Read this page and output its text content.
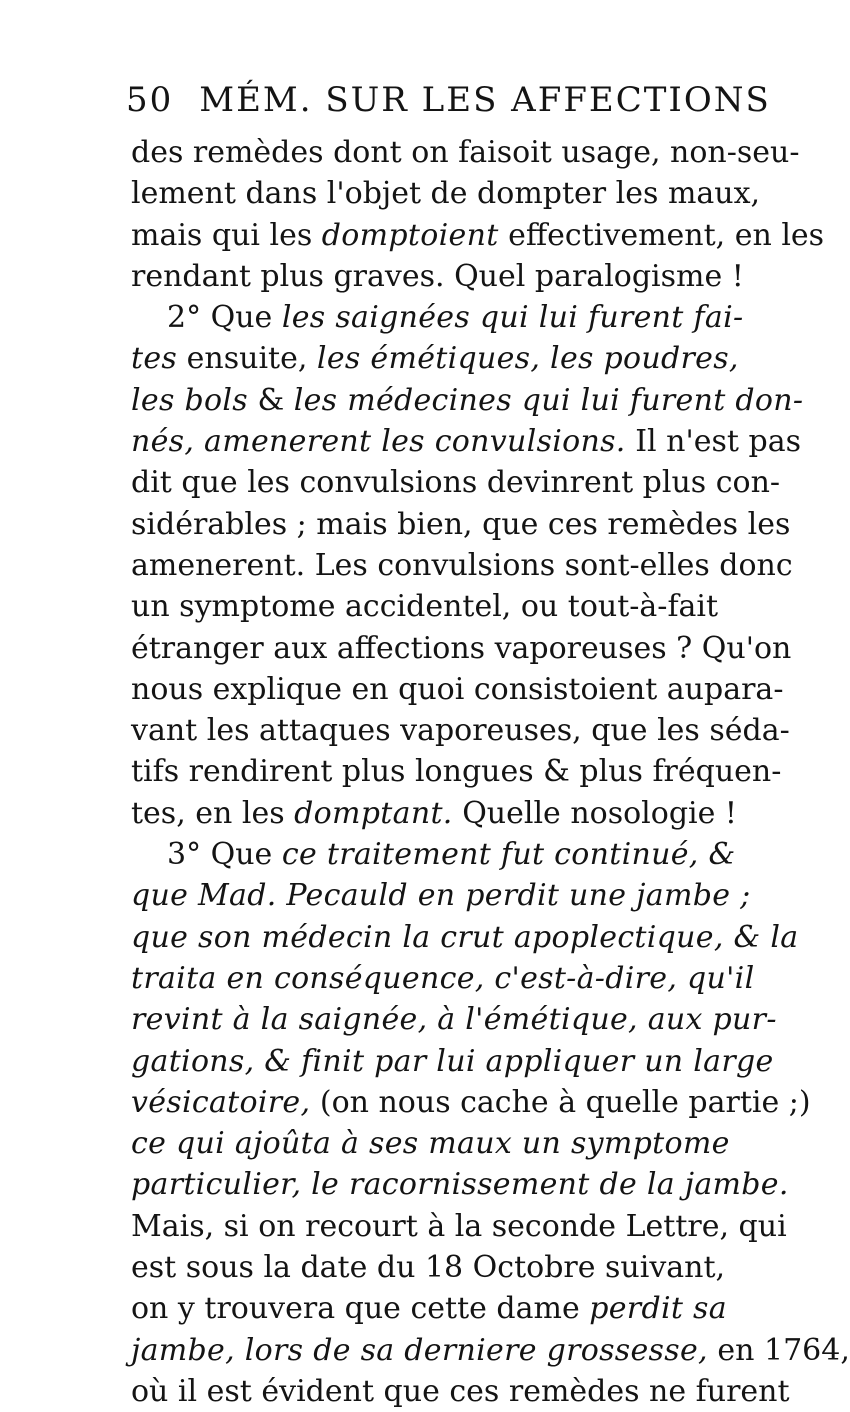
50 MÉM. SUR LES AFFECTIONS
des remèdes dont on faisoit usage, non-seu-
lement dans l'objet de dompter les maux,
mais qui les domptoient effectivement, en les
rendant plus graves. Quel paralogisme !
2° Que les saignées qui lui furent fai-
tes ensuite, les émétiques, les poudres,
les bols & les médecines qui lui furent don-
nés, amenerent les convulsions. Il n'est pas
dit que les convulsions devinrent plus con-
sidérables ; mais bien, que ces remèdes les
amenerent. Les convulsions sont-elles donc
un symptome accidentel, ou tout-à-fait
étranger aux affections vaporeuses ? Qu'on
nous explique en quoi consistoient aupara-
vant les attaques vaporeuses, que les séda-
tifs rendirent plus longues & plus fréquen-
tes, en les domptant. Quelle nosologie !
3° Que ce traitement fut continué, &
que Mad. Pecauld en perdit une jambe ;
que son médecin la crut apoplectique, & la
traita en conséquence, c'est-à-dire, qu'il
revint à la saignée, à l'émétique, aux pur-
gations, & finit par lui appliquer un large
vésicatoire, (on nous cache à quelle partie ;)
ce qui ajoûta à ses maux un symptome
particulier, le racornissement de la jambe.
Mais, si on recourt à la seconde Lettre, qui
est sous la date du 18 Octobre suivant,
on y trouvera que cette dame perdit sa
jambe, lors de sa derniere grossesse, en 1764,
où il est évident que ces remèdes ne furent
